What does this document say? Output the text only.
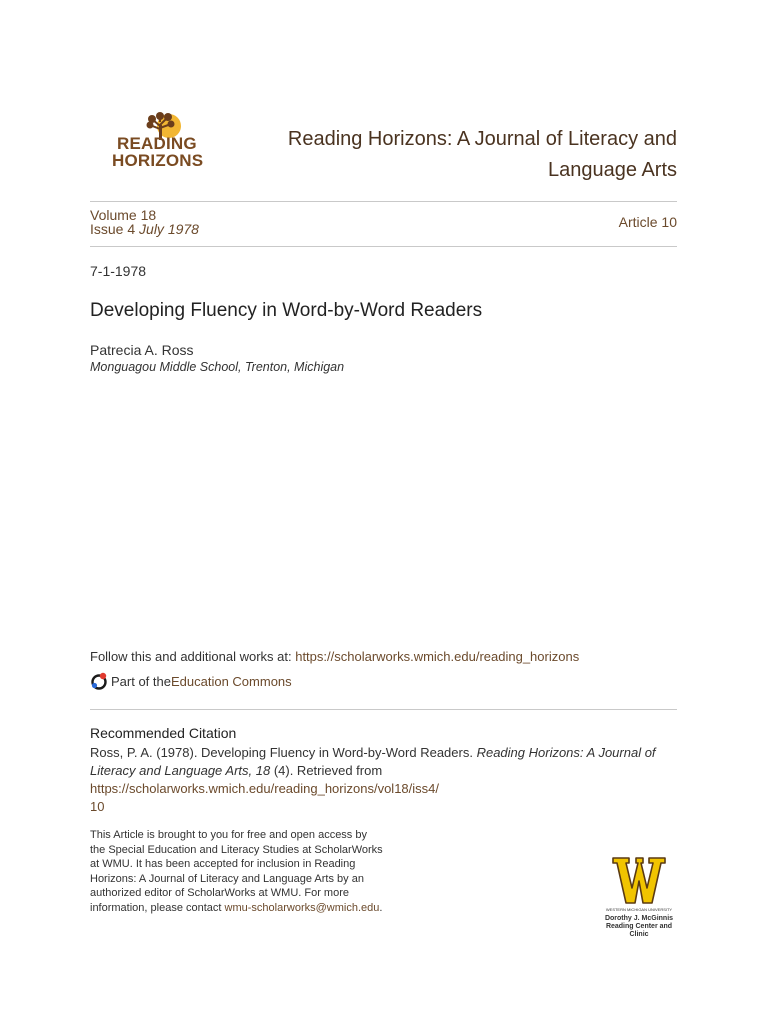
READING
HORIZONS
Reading Horizons: A Journal of Literacy and Language Arts
Volume 18
Issue 4 July 1978	Article 10
7-1-1978
Developing Fluency in Word-by-Word Readers
Patrecia A. Ross
Monguagou Middle School, Trenton, Michigan
Follow this and additional works at: https://scholarworks.wmich.edu/reading_horizons
Part of the Education Commons
Recommended Citation
Ross, P. A. (1978). Developing Fluency in Word-by-Word Readers. Reading Horizons: A Journal of Literacy and Language Arts, 18 (4). Retrieved from https://scholarworks.wmich.edu/reading_horizons/vol18/iss4/
10
This Article is brought to you for free and open access by the Special Education and Literacy Studies at ScholarWorks at WMU. It has been accepted for inclusion in Reading Horizons: A Journal of Literacy and Language Arts by an authorized editor of ScholarWorks at WMU. For more information, please contact wmu-scholarworks@wmich.edu.	WESTERN MICHIGAN UNIVERSITY
Dorothy J. McGinnis
Reading Center and Clinic
